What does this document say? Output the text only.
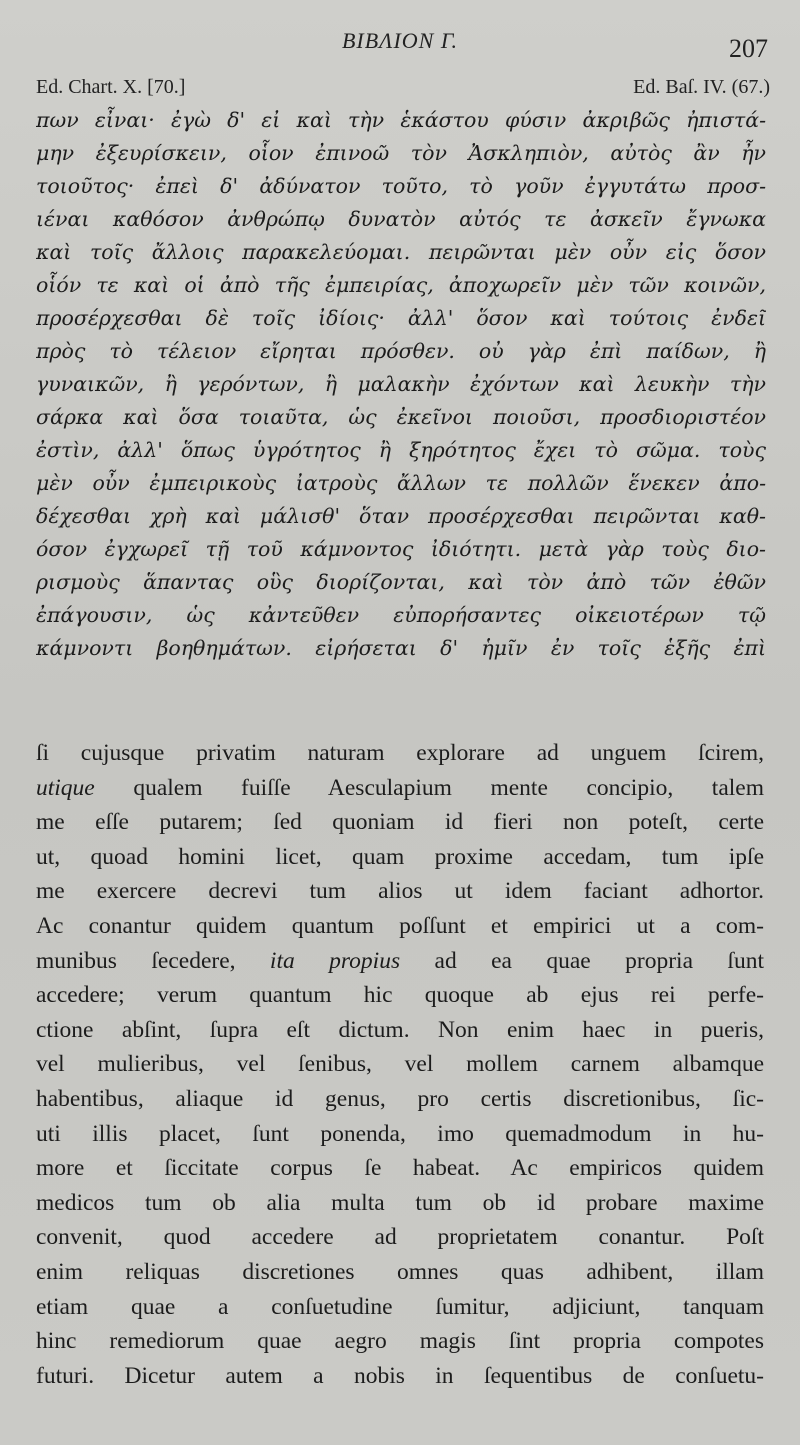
BIBΛΙΟΝ Γ.	207
Ed. Chart. X. [70.]	Ed. Baſ. IV. (67.)
πων εἶναι· ἐγὼ δ' εἰ καὶ τὴν ἑκάστου φύσιν ἀκριβῶς ἠπιστά-
μην ἐξευρίσκειν, οἷον ἐπινοῶ τὸν Ἀσκληπιὸν, αὐτὸς ἂν ἦν
τοιοῦτος· ἐπεὶ δ' ἀδύνατον τοῦτο, τὸ γοῦν ἐγγυτάτω προσ-
ιέναι καθόσον ἀνθρώπῳ δυνατὸν αὐτός τε ἀσκεῖν ἔγνωκα
καὶ τοῖς ἄλλοις παρακελεύομαι. πειρῶνται μὲν οὖν εἰς ὅσον
οἷόν τε καὶ οἱ ἀπὸ τῆς ἐμπειρίας, ἀποχωρεῖν μὲν τῶν κοινῶν,
προσέρχεσθαι δὲ τοῖς ἰδίοις· ἀλλ' ὅσον καὶ τούτοις ἐνδεῖ
πρὸς τὸ τέλειον εἴρηται πρόσθεν. οὐ γὰρ ἐπὶ παίδων, ἢ
γυναικῶν, ἢ γερόντων, ἢ μαλακὴν ἐχόντων καὶ λευκὴν τὴν
σάρκα καὶ ὅσα τοιαῦτα, ὡς ἐκεῖνοι ποιοῦσι, προσδιοριστέον
ἐστὶν, ἀλλ' ὅπως ὑγρότητος ἢ ξηρότητος ἔχει τὸ σῶμα. τοὺς
μὲν οὖν ἐμπειρικοὺς ἰατροὺς ἄλλων τε πολλῶν ἕνεκεν ἀπο-
δέχεσθαι χρὴ καὶ μάλισθ' ὅταν προσέρχεσθαι πειρῶνται καθ-
όσον ἐγχωρεῖ τῇ τοῦ κάμνοντος ἰδιότητι. μετὰ γὰρ τοὺς διο-
ρισμοὺς ἅπαντας οὓς διορίζονται, καὶ τὸν ἀπὸ τῶν ἐθῶν
ἐπάγουσιν, ὡς κἀντεῦθεν εὐπορήσαντες οἰκειοτέρων τῷ
κάμνοντι βοηθημάτων. εἰρήσεται δ' ἡμῖν ἐν τοῖς ἑξῆς ἐπὶ
ſi cujusque privatim naturam explorare ad unguem ſcirem,
utique qualem fuiſſe Aesculapium mente concipio, talem
me eſſe putarem; ſed quoniam id fieri non poteſt, certe
ut, quoad homini licet, quam proxime accedam, tum ipſe
me exercere decrevi tum alios ut idem faciant adhortor.
Ac conantur quidem quantum poſſunt et empirici ut a com-
munibus ſecedere, ita propius ad ea quae propria ſunt
accedere; verum quantum hic quoque ab ejus rei perfe-
ctione abſint, ſupra eſt dictum. Non enim haec in pueris,
vel mulieribus, vel ſenibus, vel mollem carnem albamque
habentibus, aliaque id genus, pro certis discretionibus, ſic-
uti illis placet, ſunt ponenda, imo quemadmodum in hu-
more et ſiccitate corpus ſe habeat. Ac empiricos quidem
medicos tum ob alia multa tum ob id probare maxime
convenit, quod accedere ad proprietatem conantur. Poſt
enim reliquas discretiones omnes quas adhibent, illam
etiam quae a conſuetudine ſumitur, adjiciunt, tanquam
hinc remediorum quae aegro magis ſint propria compotes
futuri. Dicetur autem a nobis in ſequentibus de conſuetu-
